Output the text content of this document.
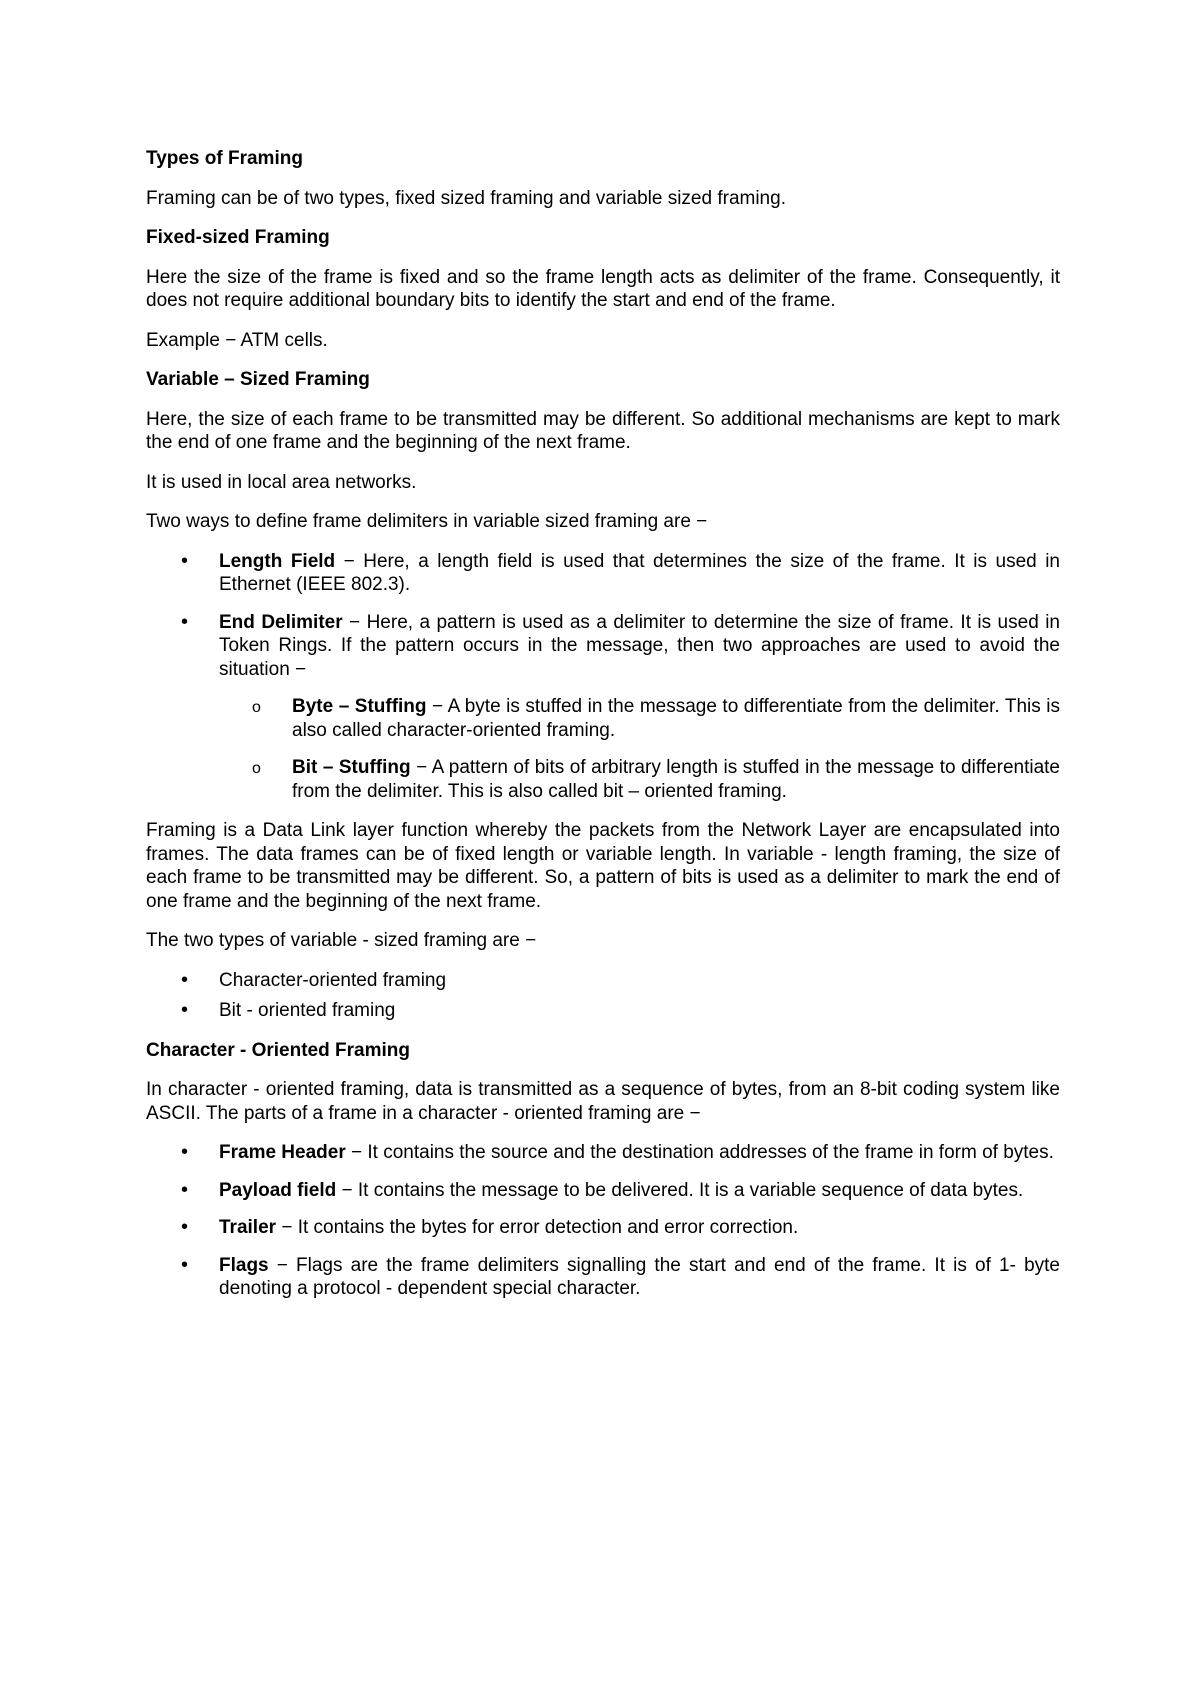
Types of Framing

Framing can be of two types, fixed sized framing and variable sized framing.

Fixed-sized Framing

Here the size of the frame is fixed and so the frame length acts as delimiter of the frame. Consequently, it does not require additional boundary bits to identify the start and end of the frame.

Example − ATM cells.

Variable – Sized Framing

Here, the size of each frame to be transmitted may be different. So additional mechanisms are kept to mark the end of one frame and the beginning of the next frame.

It is used in local area networks.

Two ways to define frame delimiters in variable sized framing are −

• Length Field − Here, a length field is used that determines the size of the frame. It is used in Ethernet (IEEE 802.3).
• End Delimiter − Here, a pattern is used as a delimiter to determine the size of frame. It is used in Token Rings. If the pattern occurs in the message, then two approaches are used to avoid the situation −
o Byte – Stuffing − A byte is stuffed in the message to differentiate from the delimiter. This is also called character-oriented framing.
o Bit – Stuffing − A pattern of bits of arbitrary length is stuffed in the message to differentiate from the delimiter. This is also called bit – oriented framing.

Framing is a Data Link layer function whereby the packets from the Network Layer are encapsulated into frames. The data frames can be of fixed length or variable length. In variable - length framing, the size of each frame to be transmitted may be different. So, a pattern of bits is used as a delimiter to mark the end of one frame and the beginning of the next frame.

The two types of variable - sized framing are −

• Character-oriented framing
• Bit - oriented framing
Character - Oriented Framing

In character - oriented framing, data is transmitted as a sequence of bytes, from an 8-bit coding system like ASCII. The parts of a frame in a character - oriented framing are −

• Frame Header − It contains the source and the destination addresses of the frame in form of bytes.
• Payload field − It contains the message to be delivered. It is a variable sequence of data bytes.
• Trailer − It contains the bytes for error detection and error correction.
• Flags − Flags are the frame delimiters signalling the start and end of the frame. It is of 1- byte denoting a protocol - dependent special character.
